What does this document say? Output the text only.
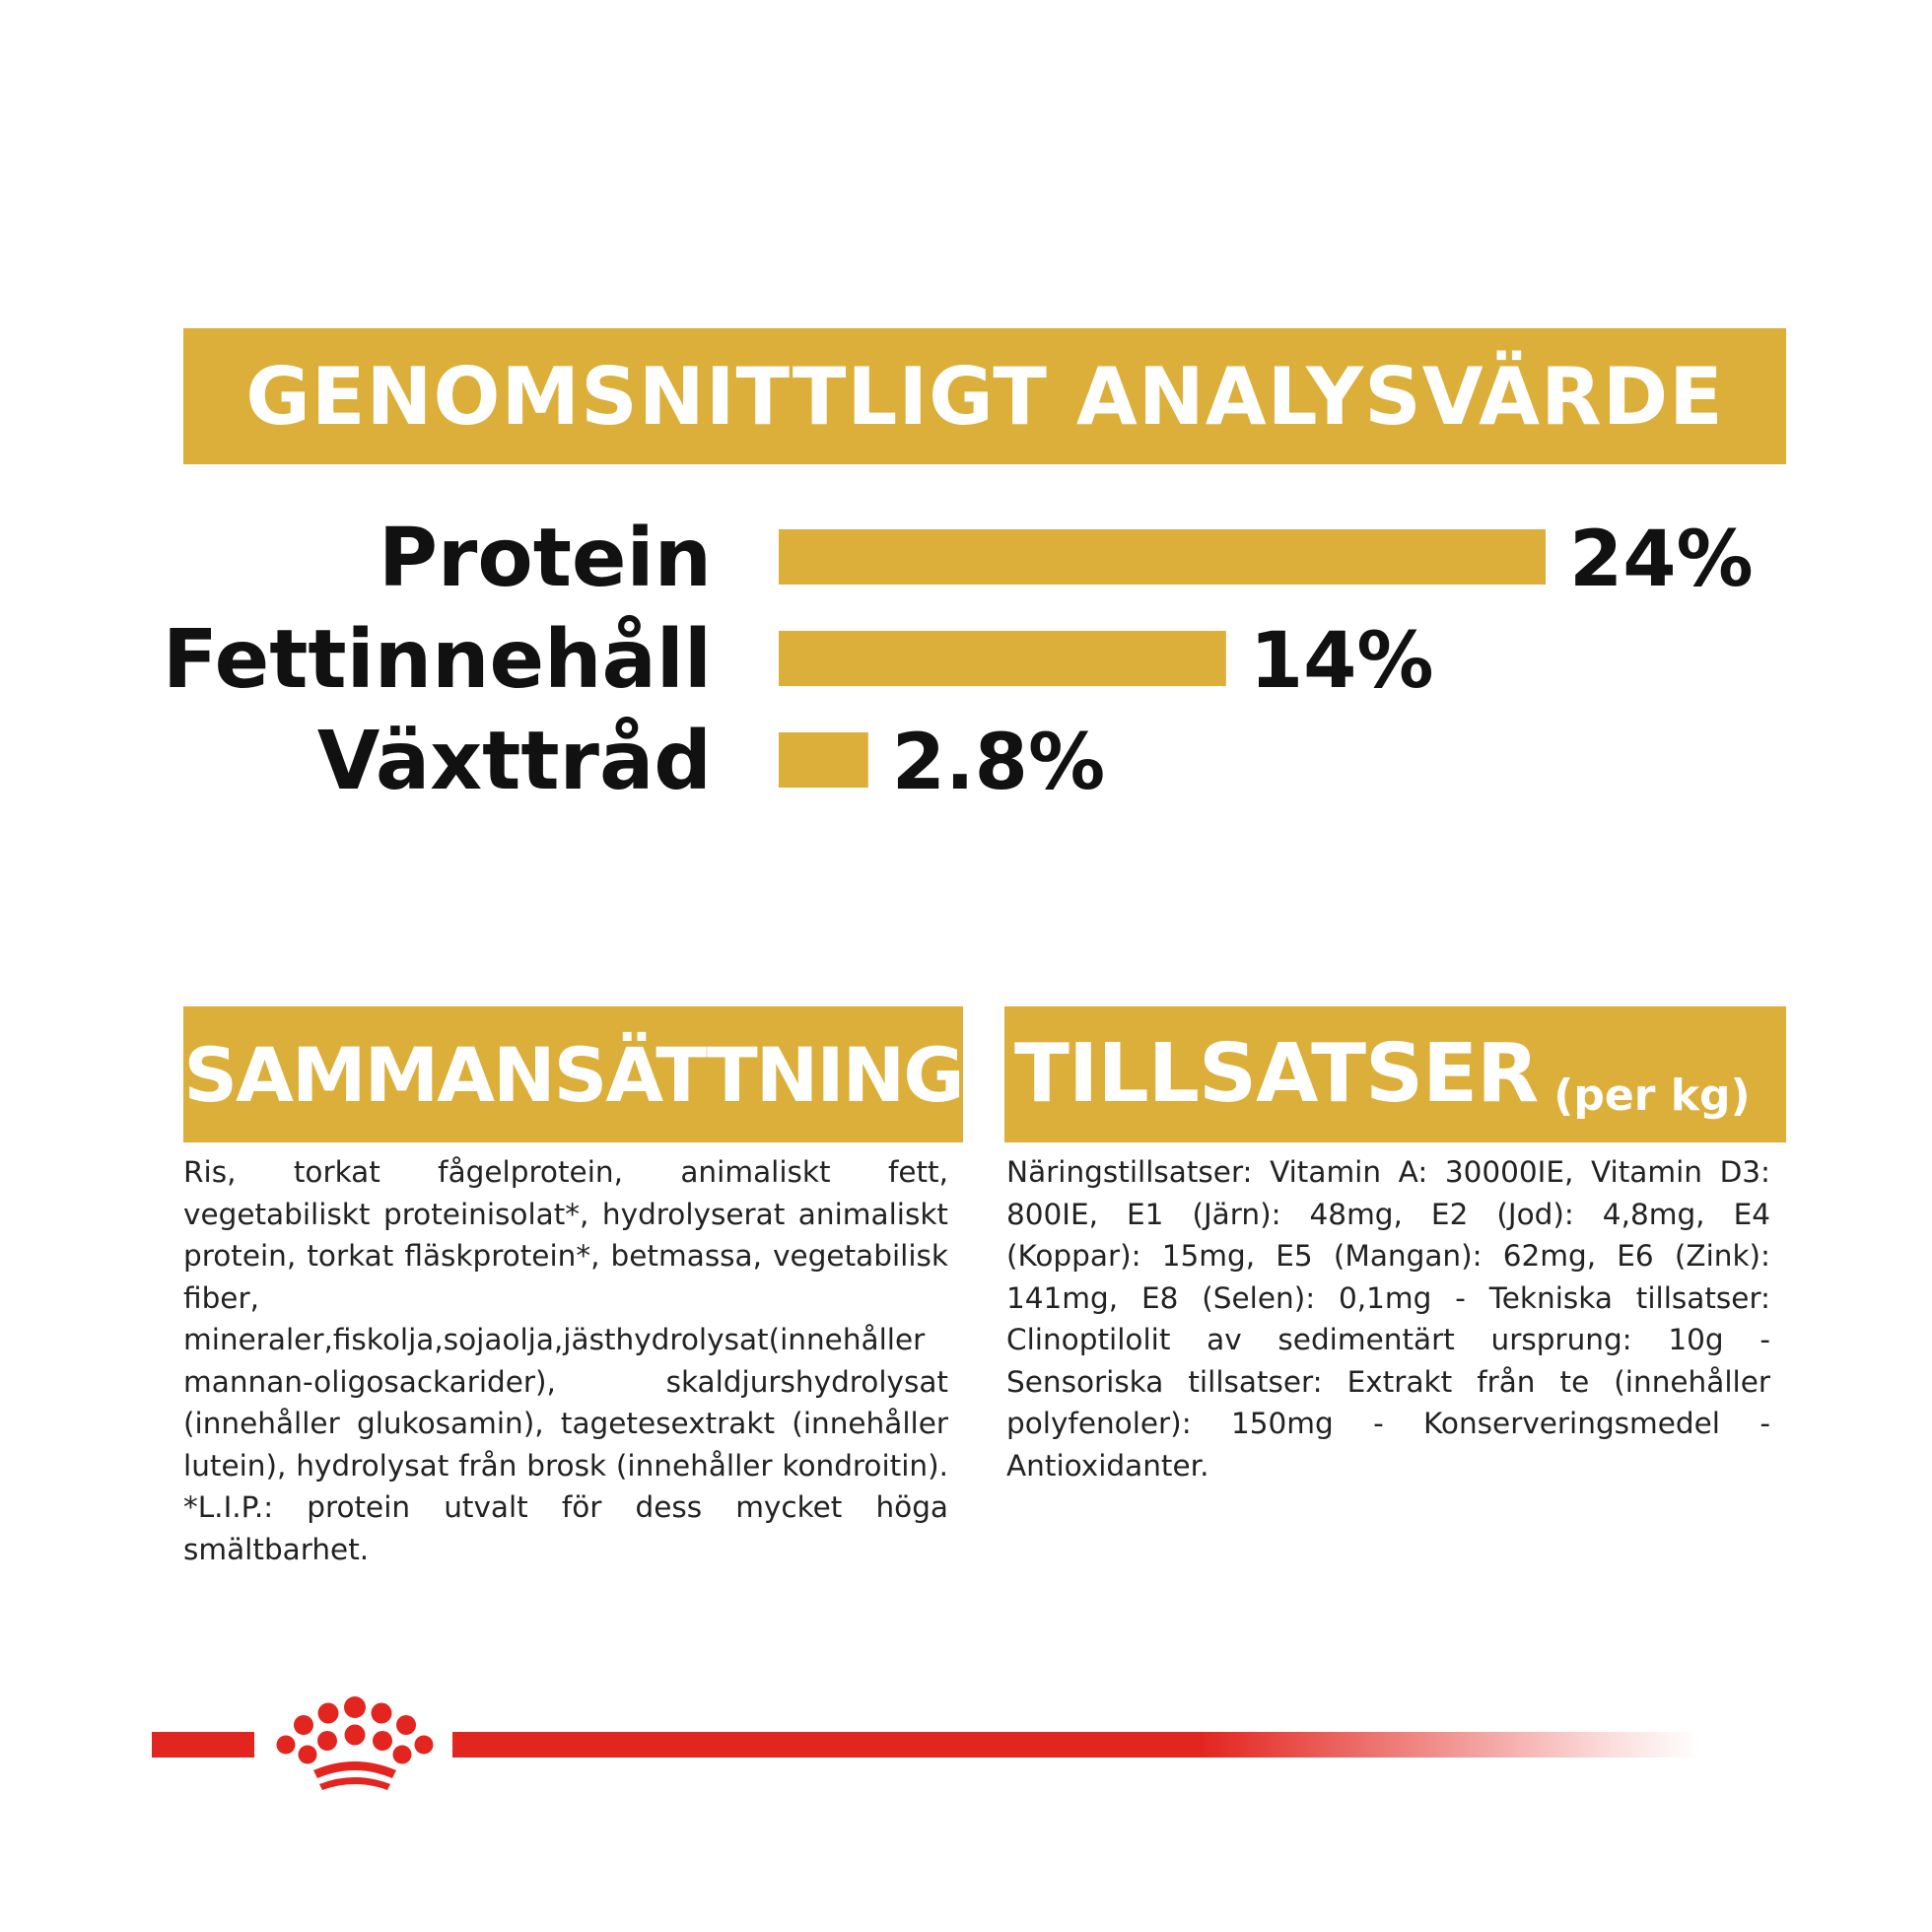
GENOMSNITTLIGT ANALYSVÄRDE
Protein	24%
Fettinnehåll	14%
Växttråd 2.8%
SAMMANSÄTTNING TILLSATSER (per kg)

Ris, torkat fågelprotein, animaliskt fett, vegetabiliskt proteinisolat*, hydrolyserat animaliskt protein, torkat fläskprotein*, betmassa, vegetabilisk fiber, mineraler,fiskolja,sojaolja,jästhydrolysat(innehåller mannan-oligosackarider), skaldjurshydrolysat (innehåller glukosamin), tagetesextrakt (innehåller lutein), hydrolysat från brosk (innehåller kondroitin). *L.I.P.: protein utvalt för dess mycket höga smältbarhet.

Näringstillsatser: Vitamin A: 30000IE, Vitamin D3: 800IE, E1 (Järn): 48mg, E2 (Jod): 4,8mg, E4 (Koppar): 15mg, E5 (Mangan): 62mg, E6 (Zink): 141mg, E8 (Selen): 0,1mg - Tekniska tillsatser: Clinoptilolit av sedimentärt ursprung: 10g - Sensoriska tillsatser: Extrakt från te (innehåller polyfenoler): 150mg - Konserveringsmedel - Antioxidanter.
